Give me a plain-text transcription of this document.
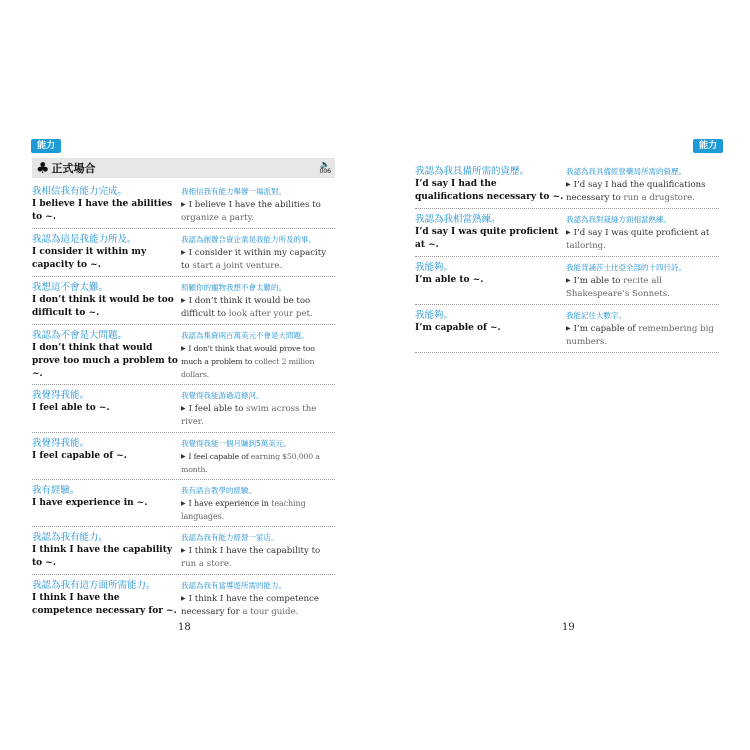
能力
♣ 正式場合	🔈
006
我相信我有能力完成。
I believe I have the abilities to ~.
我相信我有能力舉辦一場派對。
▶ I believe I have the abilities to organize a party.
我認為這是我能力所及。
I consider it within my capacity to ~.
我認為創辦合資企業是我能力所及的事。
▶ I consider it within my capacity to start a joint venture.
我想這不會太難。
I don’t think it would be too difficult to ~.
照顧你的寵物我想不會太難的。
▶ I don’t think it would be too difficult to look after your pet.
我認為不會是大問題。
I don’t think that would prove too much a problem to ~.
我認為集資兩百萬美元不會是大問題。
▶ I don't think that would prove too much a problem to collect 2 million dollars.
我覺得我能。
I feel able to ~.
我覺得我能游過這條河。
▶ I feel able to swim across the river.
我覺得我能。
I feel capable of ~.
我覺得我能一個月賺到5萬美元。
▶ I feel capable of earning $50,000 a month.
我有經驗。
I have experience in ~.
我有語言教學的經驗。
▶ I have experience in teaching languages.
我認為我有能力。
I think I have the capability to ~.
我認為我有能力經營一家店。
▶ I think I have the capability to run a store.
我認為我有這方面所需能力。
I think I have the competence necessary for ~.
我認為我有當導遊所需的能力。
▶ I think I have the competence necessary for a tour guide.
18
能力
我認為我具備所需的資歷。
I’d say I had the qualifications necessary to ~.
我認為我具備經營藥局所需的資歷。
▶ I’d say I had the qualifications necessary to run a drugstore.
我認為我相當熟練。
I’d say I was quite proficient at ~.
我認為我對裁縫方面相當熟練。
▶ I’d say I was quite proficient at tailoring.
我能夠。
I’m able to ~.
我能背誦莎士比亞全部的十四行詩。
▶ I’m able to recite all Shakespeare’s Sonnets.
我能夠。
I’m capable of ~.
我能記住大數字。
▶ I’m capable of remembering big numbers.
19
